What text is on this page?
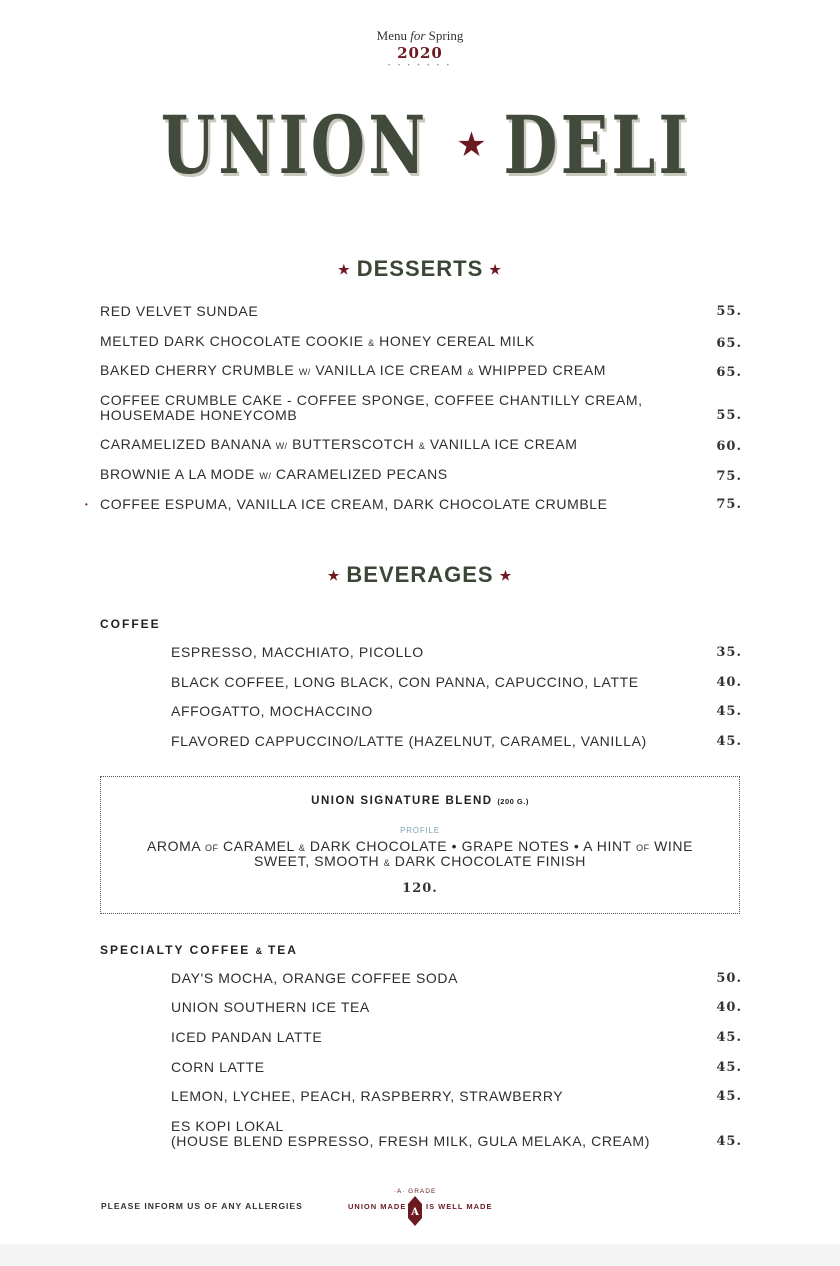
Menu for Spring
2020
• • • • • • •
UNION ★ DELI
★ DESSERTS ★
RED VELVET SUNDAE	55.
MELTED DARK CHOCOLATE COOKIE & HONEY CEREAL MILK	65.
BAKED CHERRY CRUMBLE W/ VANILLA ICE CREAM & WHIPPED CREAM	65.
COFFEE CRUMBLE CAKE - COFFEE SPONGE, COFFEE CHANTILLY CREAM,
HOUSEMADE HONEYCOMB	55.
CARAMELIZED BANANA W/ BUTTERSCOTCH & VANILLA ICE CREAM	60.
BROWNIE A LA MODE W/ CARAMELIZED PECANS	75.
• COFFEE ESPUMA, VANILLA ICE CREAM, DARK CHOCOLATE CRUMBLE	75.
★ BEVERAGES ★
COFFEE
ESPRESSO, MACCHIATO, PICOLLO	35.
BLACK COFFEE, LONG BLACK, CON PANNA, CAPUCCINO, LATTE	40.
AFFOGATTO, MOCHACCINO	45.
FLAVORED CAPPUCCINO/LATTE (HAZELNUT, CARAMEL, VANILLA)	45.
UNION SIGNATURE BLEND (200 G.)
PROFILE
AROMA OF CARAMEL & DARK CHOCOLATE • GRAPE NOTES • A HINT OF WINE
SWEET, SMOOTH & DARK CHOCOLATE FINISH
120.
SPECIALTY COFFEE & TEA
DAY'S MOCHA, ORANGE COFFEE SODA	50.
UNION SOUTHERN ICE TEA	40.
ICED PANDAN LATTE	45.
CORN LATTE	45.
LEMON, LYCHEE, PEACH, RASPBERRY, STRAWBERRY	45.
ES KOPI LOKAL
(HOUSE BLEND ESPRESSO, FRESH MILK, GULA MELAKA, CREAM)	45.
PLEASE INFORM US OF ANY ALLERGIES
·A· GRADE
UNION MADE
A
IS WELL MADE
